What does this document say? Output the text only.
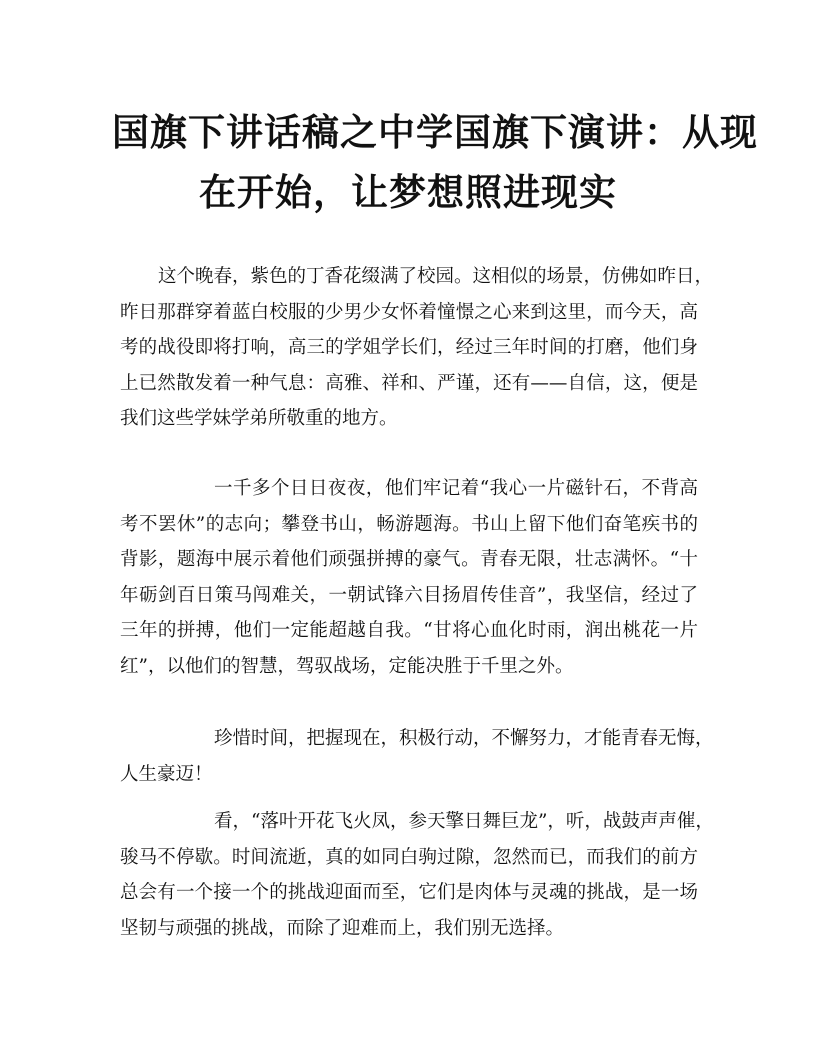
国旗下讲话稿之中学国旗下演讲：从现
在开始，让梦想照进现实
这个晚春，紫色的丁香花缀满了校园。这相似的场景，仿佛如昨日，
昨日那群穿着蓝白校服的少男少女怀着憧憬之心来到这里，而今天，高
考的战役即将打响，高三的学姐学长们，经过三年时间的打磨，他们身
上已然散发着一种气息：高雅、祥和、严谨，还有——自信，这，便是
我们这些学妹学弟所敬重的地方。
一千多个日日夜夜，他们牢记着“我心一片磁针石，不背高
考不罢休”的志向；攀登书山，畅游题海。书山上留下他们奋笔疾书的
背影，题海中展示着他们顽强拼搏的豪气。青春无限，壮志满怀。“十
年砺剑百日策马闯难关，一朝试锋六目扬眉传佳音”，我坚信，经过了
三年的拼搏，他们一定能超越自我。“甘将心血化时雨，润出桃花一片
红”，以他们的智慧，驾驭战场，定能决胜于千里之外。
珍惜时间，把握现在，积极行动，不懈努力，才能青春无悔，
人生豪迈！
看，“落叶开花飞火凤，参天擎日舞巨龙”，听，战鼓声声催，
骏马不停歇。时间流逝，真的如同白驹过隙，忽然而已，而我们的前方
总会有一个接一个的挑战迎面而至，它们是肉体与灵魂的挑战，是一场
坚韧与顽强的挑战，而除了迎难而上，我们别无选择。
